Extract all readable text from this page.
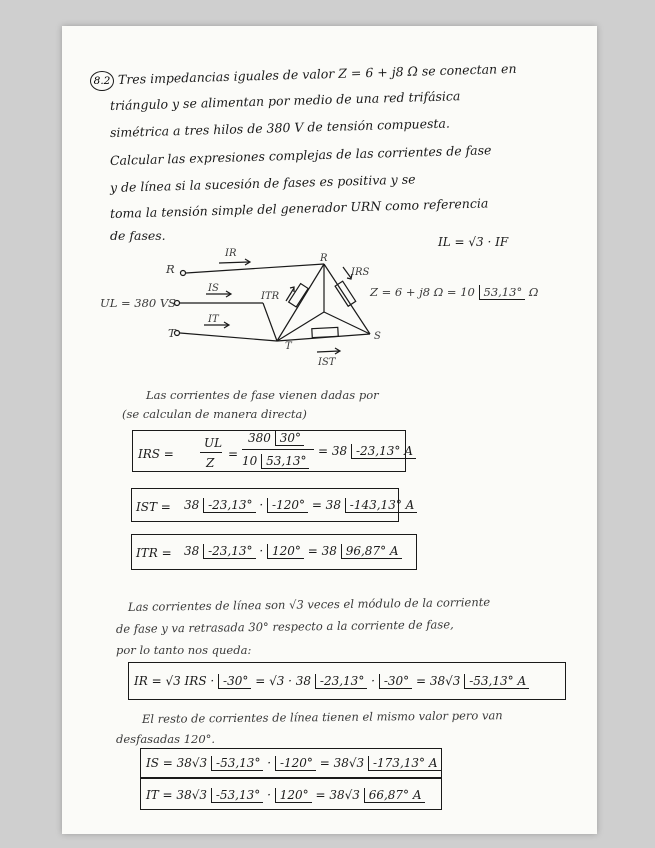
8.2 Tres impedancias iguales de valor Z = 6 + j8 Ω se conectan en
triángulo y se alimentan por medio de una red trifásica
simétrica a tres hilos de 380 V de tensión compuesta.
Calcular las expresiones complejas de las corrientes de fase
y de línea si la sucesión de fases es positiva y se
toma la tensión simple del generador URN como referencia
de fases.	IL = √3 · IF
R
S
T
R
T
S
UL = 380 V
IR
IS
IT
ITR
IRS
IST
Z = 6 + j8 Ω = 10 53,13° Ω
Las corrientes de fase vienen dadas por
(se calculan de manera directa)
IRS =
UL
Z
=
380 30°
10 53,13°
= 38 -23,13° A
IST = 38 -23,13° · -120° = 38 -143,13° A
ITR = 38 -23,13° · 120° = 38 96,87° A
Las corrientes de línea son √3 veces el módulo de la corriente
de fase y va retrasada 30° respecto a la corriente de fase,
por lo tanto nos queda:
IR = √3 IRS · -30° = √3 · 38 -23,13° · -30° = 38√3 -53,13° A
El resto de corrientes de línea tienen el mismo valor pero van
desfasadas 120°.
IS = 38√3 -53,13° · -120° = 38√3 -173,13° A
IT = 38√3 -53,13° · 120° = 38√3 66,87° A
